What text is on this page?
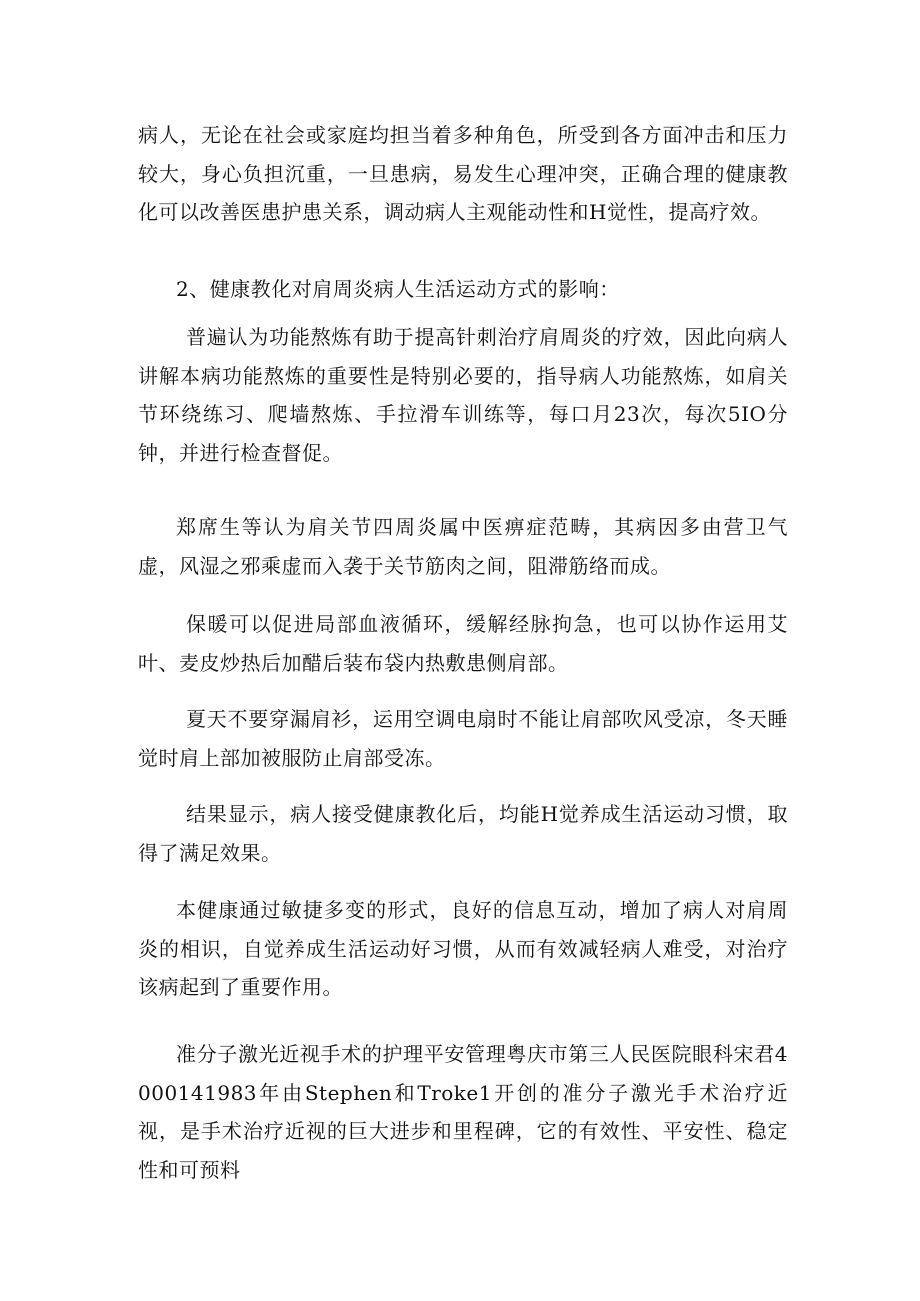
病人，无论在社会或家庭均担当着多种角色，所受到各方面冲击和压力较大，身心负担沉重，一旦患病，易发生心理冲突，正确合理的健康教化可以改善医患护患关系，调动病人主观能动性和H觉性，提高疗效。

2、健康教化对肩周炎病人生活运动方式的影响：

普遍认为功能熬炼有助于提高针刺治疗肩周炎的疗效，因此向病人讲解本病功能熬炼的重要性是特别必要的，指导病人功能熬炼，如肩关节环绕练习、爬墙熬炼、手拉滑车训练等，每口月23次，每次5IO分钟，并进行检查督促。

郑席生等认为肩关节四周炎属中医痹症范畴，其病因多由营卫气虚，风湿之邪乘虚而入袭于关节筋肉之间，阻滞筋络而成。

保暖可以促进局部血液循环，缓解经脉拘急，也可以协作运用艾叶、麦皮炒热后加醋后装布袋内热敷患侧肩部。

夏天不要穿漏肩衫，运用空调电扇时不能让肩部吹风受凉，冬天睡觉时肩上部加被服防止肩部受冻。

结果显示，病人接受健康教化后，均能H觉养成生活运动习惯，取得了满足效果。

本健康通过敏捷多变的形式，良好的信息互动，增加了病人对肩周炎的相识，自觉养成生活运动好习惯，从而有效减轻病人难受，对治疗该病起到了重要作用。

准分子激光近视手术的护理平安管理粤庆市第三人民医院眼科宋君4000141983年由Stephen和Troke1开创的准分子激光手术治疗近视，是手术治疗近视的巨大进步和里程碑，它的有效性、平安性、稳定性和可预料
